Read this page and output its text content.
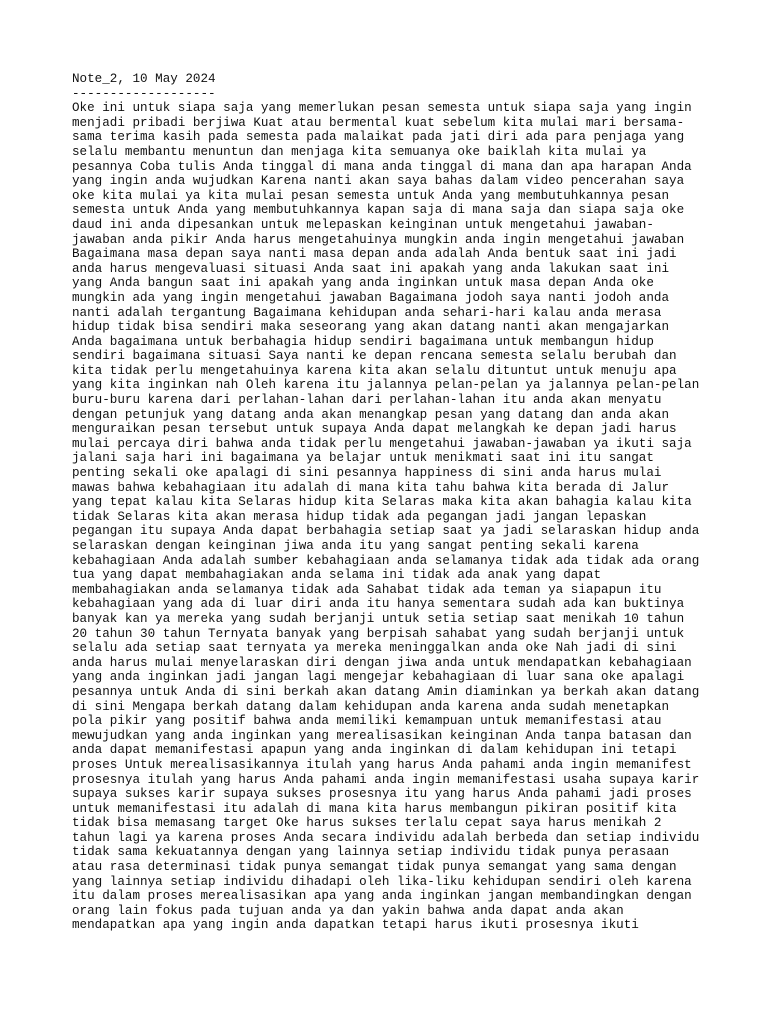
Note_2, 10 May 2024
-------------------
Oke ini untuk siapa saja yang memerlukan pesan semesta untuk siapa saja yang ingin
menjadi pribadi berjiwa Kuat atau bermental kuat sebelum kita mulai mari bersama-
sama terima kasih pada semesta pada malaikat pada jati diri ada para penjaga yang
selalu membantu menuntun dan menjaga kita semuanya oke baiklah kita mulai ya
pesannya Coba tulis Anda tinggal di mana anda tinggal di mana dan apa harapan Anda
yang ingin anda wujudkan Karena nanti akan saya bahas dalam video pencerahan saya
oke kita mulai ya kita mulai pesan semesta untuk Anda yang membutuhkannya pesan
semesta untuk Anda yang membutuhkannya kapan saja di mana saja dan siapa saja oke
daud ini anda dipesankan untuk melepaskan keinginan untuk mengetahui jawaban-
jawaban anda pikir Anda harus mengetahuinya mungkin anda ingin mengetahui jawaban
Bagaimana masa depan saya nanti masa depan anda adalah Anda bentuk saat ini jadi
anda harus mengevaluasi situasi Anda saat ini apakah yang anda lakukan saat ini
yang Anda bangun saat ini apakah yang anda inginkan untuk masa depan Anda oke
mungkin ada yang ingin mengetahui jawaban Bagaimana jodoh saya nanti jodoh anda
nanti adalah tergantung Bagaimana kehidupan anda sehari-hari kalau anda merasa
hidup tidak bisa sendiri maka seseorang yang akan datang nanti akan mengajarkan
Anda bagaimana untuk berbahagia hidup sendiri bagaimana untuk membangun hidup
sendiri bagaimana situasi Saya nanti ke depan rencana semesta selalu berubah dan
kita tidak perlu mengetahuinya karena kita akan selalu dituntut untuk menuju apa
yang kita inginkan nah Oleh karena itu jalannya pelan-pelan ya jalannya pelan-pelan
buru-buru karena dari perlahan-lahan dari perlahan-lahan itu anda akan menyatu
dengan petunjuk yang datang anda akan menangkap pesan yang datang dan anda akan
menguraikan pesan tersebut untuk supaya Anda dapat melangkah ke depan jadi harus
mulai percaya diri bahwa anda tidak perlu mengetahui jawaban-jawaban ya ikuti saja
jalani saja hari ini bagaimana ya belajar untuk menikmati saat ini itu sangat
penting sekali oke apalagi di sini pesannya happiness di sini anda harus mulai
mawas bahwa kebahagiaan itu adalah di mana kita tahu bahwa kita berada di Jalur
yang tepat kalau kita Selaras hidup kita Selaras maka kita akan bahagia kalau kita
tidak Selaras kita akan merasa hidup tidak ada pegangan jadi jangan lepaskan
pegangan itu supaya Anda dapat berbahagia setiap saat ya jadi selaraskan hidup anda
selaraskan dengan keinginan jiwa anda itu yang sangat penting sekali karena
kebahagiaan Anda adalah sumber kebahagiaan anda selamanya tidak ada tidak ada orang
tua yang dapat membahagiakan anda selama ini tidak ada anak yang dapat
membahagiakan anda selamanya tidak ada Sahabat tidak ada teman ya siapapun itu
kebahagiaan yang ada di luar diri anda itu hanya sementara sudah ada kan buktinya
banyak kan ya mereka yang sudah berjanji untuk setia setiap saat menikah 10 tahun
20 tahun 30 tahun Ternyata banyak yang berpisah sahabat yang sudah berjanji untuk
selalu ada setiap saat ternyata ya mereka meninggalkan anda oke Nah jadi di sini
anda harus mulai menyelaraskan diri dengan jiwa anda untuk mendapatkan kebahagiaan
yang anda inginkan jadi jangan lagi mengejar kebahagiaan di luar sana oke apalagi
pesannya untuk Anda di sini berkah akan datang Amin diaminkan ya berkah akan datang
di sini Mengapa berkah datang dalam kehidupan anda karena anda sudah menetapkan
pola pikir yang positif bahwa anda memiliki kemampuan untuk memanifestasi atau
mewujudkan yang anda inginkan yang merealisasikan keinginan Anda tanpa batasan dan
anda dapat memanifestasi apapun yang anda inginkan di dalam kehidupan ini tetapi
proses Untuk merealisasikannya itulah yang harus Anda pahami anda ingin memanifest
prosesnya itulah yang harus Anda pahami anda ingin memanifestasi usaha supaya karir
supaya sukses karir supaya sukses prosesnya itu yang harus Anda pahami jadi proses
untuk memanifestasi itu adalah di mana kita harus membangun pikiran positif kita
tidak bisa memasang target Oke harus sukses terlalu cepat saya harus menikah 2
tahun lagi ya karena proses Anda secara individu adalah berbeda dan setiap individu
tidak sama kekuatannya dengan yang lainnya setiap individu tidak punya perasaan
atau rasa determinasi tidak punya semangat tidak punya semangat yang sama dengan
yang lainnya setiap individu dihadapi oleh lika-liku kehidupan sendiri oleh karena
itu dalam proses merealisasikan apa yang anda inginkan jangan membandingkan dengan
orang lain fokus pada tujuan anda ya dan yakin bahwa anda dapat anda akan
mendapatkan apa yang ingin anda dapatkan tetapi harus ikuti prosesnya ikuti
